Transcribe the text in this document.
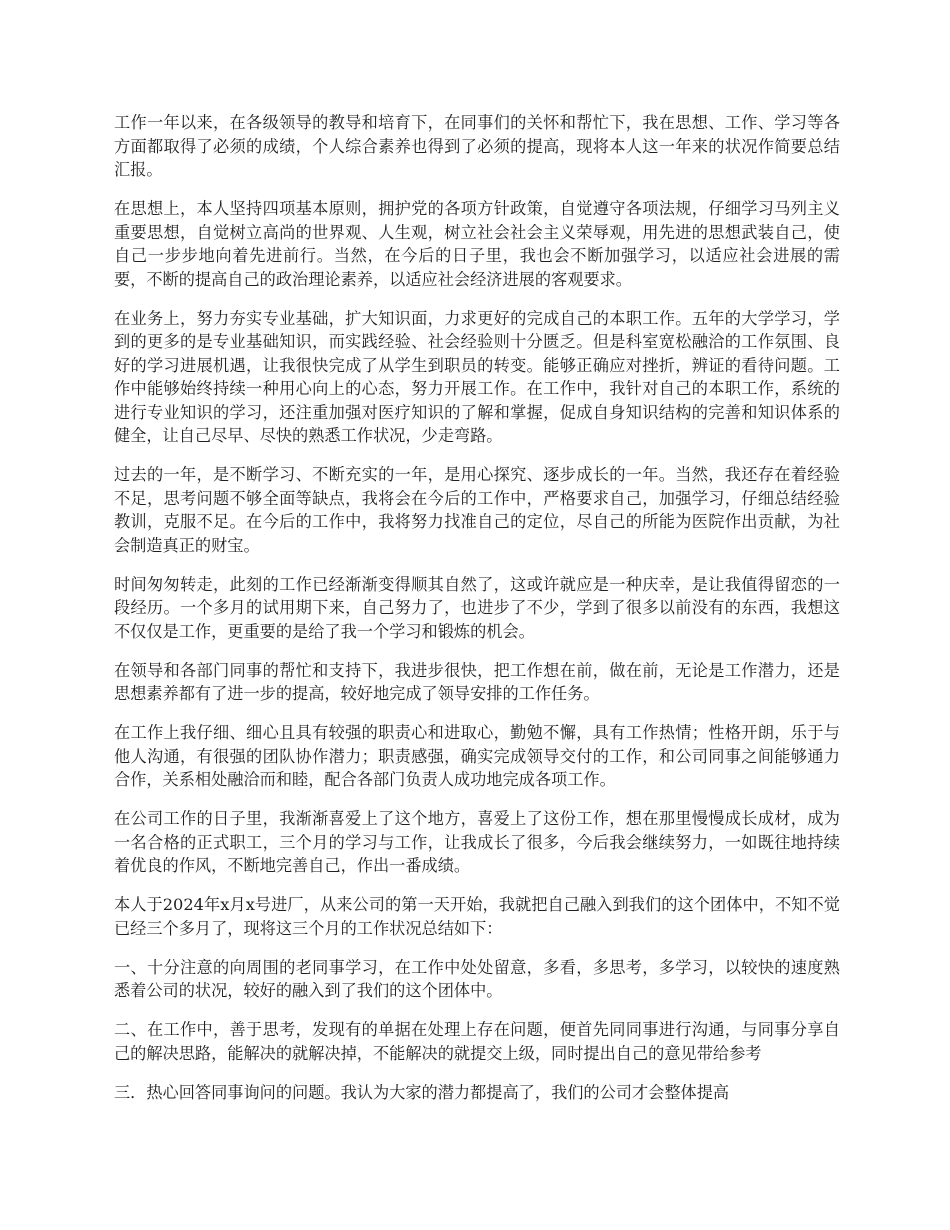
工作一年以来，在各级领导的教导和培育下，在同事们的关怀和帮忙下，我在思想、工作、学习等各方面都取得了必须的成绩，个人综合素养也得到了必须的提高，现将本人这一年来的状况作简要总结汇报。

在思想上，本人坚持四项基本原则，拥护党的各项方针政策，自觉遵守各项法规，仔细学习马列主义重要思想，自觉树立高尚的世界观、人生观，树立社会社会主义荣辱观，用先进的思想武装自己，使自己一步步地向着先进前行。当然，在今后的日子里，我也会不断加强学习，以适应社会进展的需要，不断的提高自己的政治理论素养，以适应社会经济进展的客观要求。

在业务上，努力夯实专业基础，扩大知识面，力求更好的完成自己的本职工作。五年的大学学习，学到的更多的是专业基础知识，而实践经验、社会经验则十分匮乏。但是科室宽松融洽的工作氛围、良好的学习进展机遇，让我很快完成了从学生到职员的转变。能够正确应对挫折，辨证的看待问题。工作中能够始终持续一种用心向上的心态，努力开展工作。在工作中，我针对自己的本职工作，系统的进行专业知识的学习，还注重加强对医疗知识的了解和掌握，促成自身知识结构的完善和知识体系的健全，让自己尽早、尽快的熟悉工作状况，少走弯路。

过去的一年，是不断学习、不断充实的一年，是用心探究、逐步成长的一年。当然，我还存在着经验不足，思考问题不够全面等缺点，我将会在今后的工作中，严格要求自己，加强学习，仔细总结经验教训，克服不足。在今后的工作中，我将努力找准自己的定位，尽自己的所能为医院作出贡献，为社会制造真正的财宝。

时间匆匆转走，此刻的工作已经渐渐变得顺其自然了，这或许就应是一种庆幸，是让我值得留恋的一段经历。一个多月的试用期下来，自己努力了，也进步了不少，学到了很多以前没有的东西，我想这不仅仅是工作，更重要的是给了我一个学习和锻炼的机会。

在领导和各部门同事的帮忙和支持下，我进步很快，把工作想在前，做在前，无论是工作潜力，还是思想素养都有了进一步的提高，较好地完成了领导安排的工作任务。

在工作上我仔细、细心且具有较强的职责心和进取心，勤勉不懈，具有工作热情；性格开朗，乐于与他人沟通，有很强的团队协作潜力；职责感强，确实完成领导交付的工作，和公司同事之间能够通力合作，关系相处融洽而和睦，配合各部门负责人成功地完成各项工作。

在公司工作的日子里，我渐渐喜爱上了这个地方，喜爱上了这份工作，想在那里慢慢成长成材，成为一名合格的正式职工，三个月的学习与工作，让我成长了很多，今后我会继续努力，一如既往地持续着优良的作风，不断地完善自己，作出一番成绩。

本人于2024年x月x号进厂，从来公司的第一天开始，我就把自己融入到我们的这个团体中，不知不觉已经三个多月了，现将这三个月的工作状况总结如下：

一、十分注意的向周围的老同事学习，在工作中处处留意，多看，多思考，多学习，以较快的速度熟悉着公司的状况，较好的融入到了我们的这个团体中。

二、在工作中，善于思考，发现有的单据在处理上存在问题，便首先同同事进行沟通，与同事分享自己的解决思路，能解决的就解决掉，不能解决的就提交上级，同时提出自己的意见带给参考

三．热心回答同事询问的问题。我认为大家的潜力都提高了，我们的公司才会整体提高
